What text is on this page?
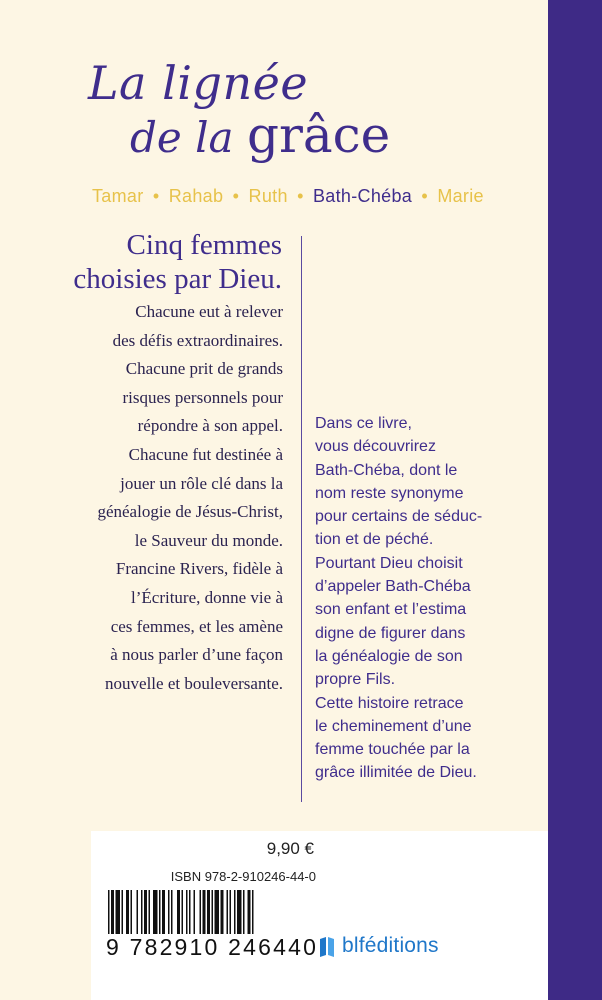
La lignée
de la grâce
Tamar • Rahab • Ruth • Bath-Chéba • Marie
Cinq femmes
choisies par Dieu.
Chacune eut à relever
des défis extraordinaires.
Chacune prit de grands
risques personnels pour
répondre à son appel.
Chacune fut destinée à
jouer un rôle clé dans la
généalogie de Jésus-Christ,
le Sauveur du monde.
Francine Rivers, fidèle à
l’Écriture, donne vie à
ces femmes, et les amène
à nous parler d’une façon
nouvelle et bouleversante.
Dans ce livre,
vous découvrirez
Bath-Chéba, dont le
nom reste synonyme
pour certains de séduc-
tion et de péché.
Pourtant Dieu choisit
d’appeler Bath-Chéba
son enfant et l’estima
digne de figurer dans
la généalogie de son
propre Fils.
Cette histoire retrace
le cheminement d’une
femme touchée par la
grâce illimitée de Dieu.
9,90 €
ISBN 978-2-910246-44-0
9 782910 246440	blféditions
